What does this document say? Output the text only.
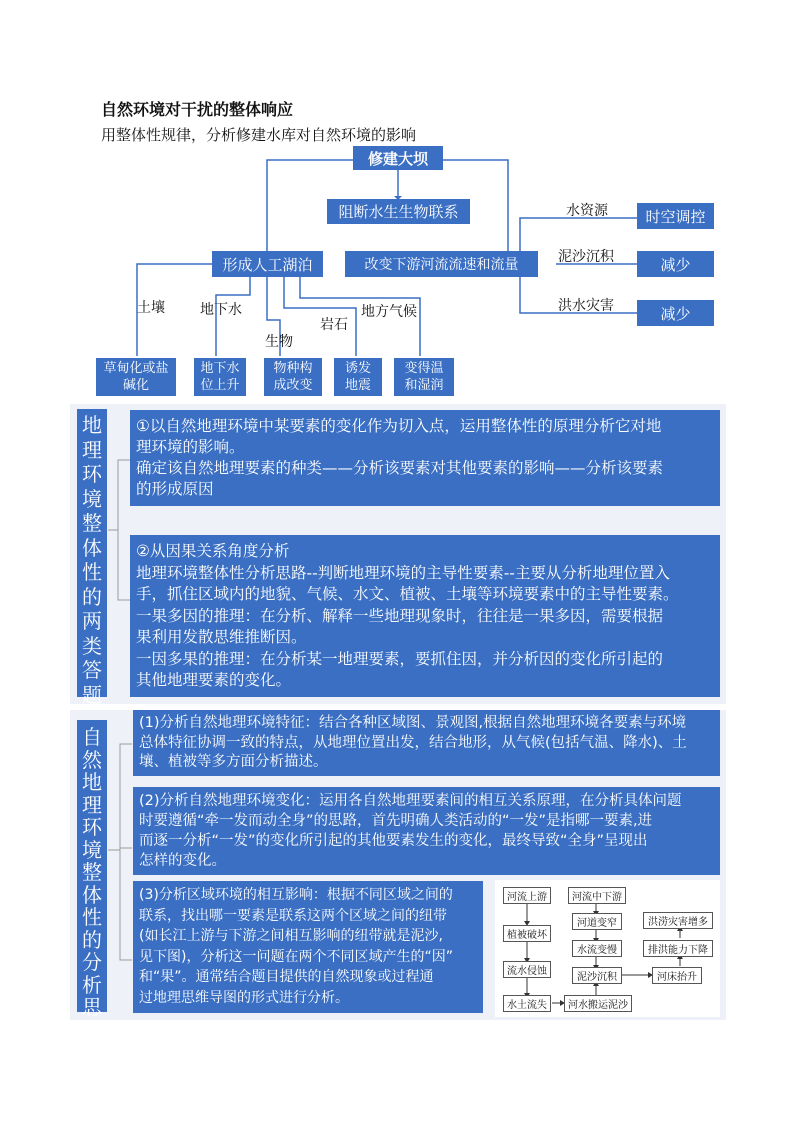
自然环境对干扰的整体响应
用整体性规律，分析修建水库对自然环境的影响
修建大坝
阻断水生生物联系
形成人工湖泊	改变下游河流流速和流量
水资源
泥沙沉积
洪水灾害
时空调控
减少
减少
土壤	地下水
生物
岩石
地方气候
草甸化或盐
碱化
地下水
位上升
物种构
成改变
诱发
地震
变得温
和湿润
地
理
环
境
整
体
性
的
两
类
答
题

①以自然地理环境中某要素的变化作为切入点，运用整体性的原理分析它对地

理环境的影响。

确定该自然地理要素的种类——分析该要素对其他要素的影响——分析该要素

的形成原因

②从因果关系角度分析

地理环境整体性分析思路--判断地理环境的主导性要素--主要从分析地理位置入

手，抓住区域内的地貌、气候、水文、植被、土壤等环境要素中的主导性要素。

一果多因的推理：在分析、解释一些地理现象时，往往是一果多因，需要根据

果利用发散思维推断因。

一因多果的推理：在分析某一地理要素，要抓住因，并分析因的变化所引起的

其他地理要素的变化。

自
然
地
理
环
境
整
体
性
的
分
析
思

(1)分析自然地理环境特征：结合各种区域图、景观图,根据自然地理环境各要素与环境

总体特征协调一致的特点，从地理位置出发，结合地形，从气候(包括气温、降水)、土

壤、植被等多方面分析描述。

(2)分析自然地理环境变化：运用各自然地理要素间的相互关系原理，在分析具体问题

时要遵循“牵一发而动全身”的思路，首先明确人类活动的“一发”是指哪一要素,进

而逐一分析“一发”的变化所引起的其他要素发生的变化，最终导致“全身”呈现出

怎样的变化。

(3)分析区域环境的相互影响：根据不同区域之间的

联系，找出哪一要素是联系这两个区域之间的纽带

(如长江上游与下游之间相互影响的纽带就是泥沙,

见下图)，分析这一问题在两个不同区域产生的“因”

和“果”。通常结合题目提供的自然现象或过程通

过地理思维导图的形式进行分析。

河流上游
植被破坏
流水侵蚀
水土流失	河水搬运泥沙
河流中下游
河道变窄
水流变慢
泥沙沉积	河床抬升
洪涝灾害增多
排洪能力下降
